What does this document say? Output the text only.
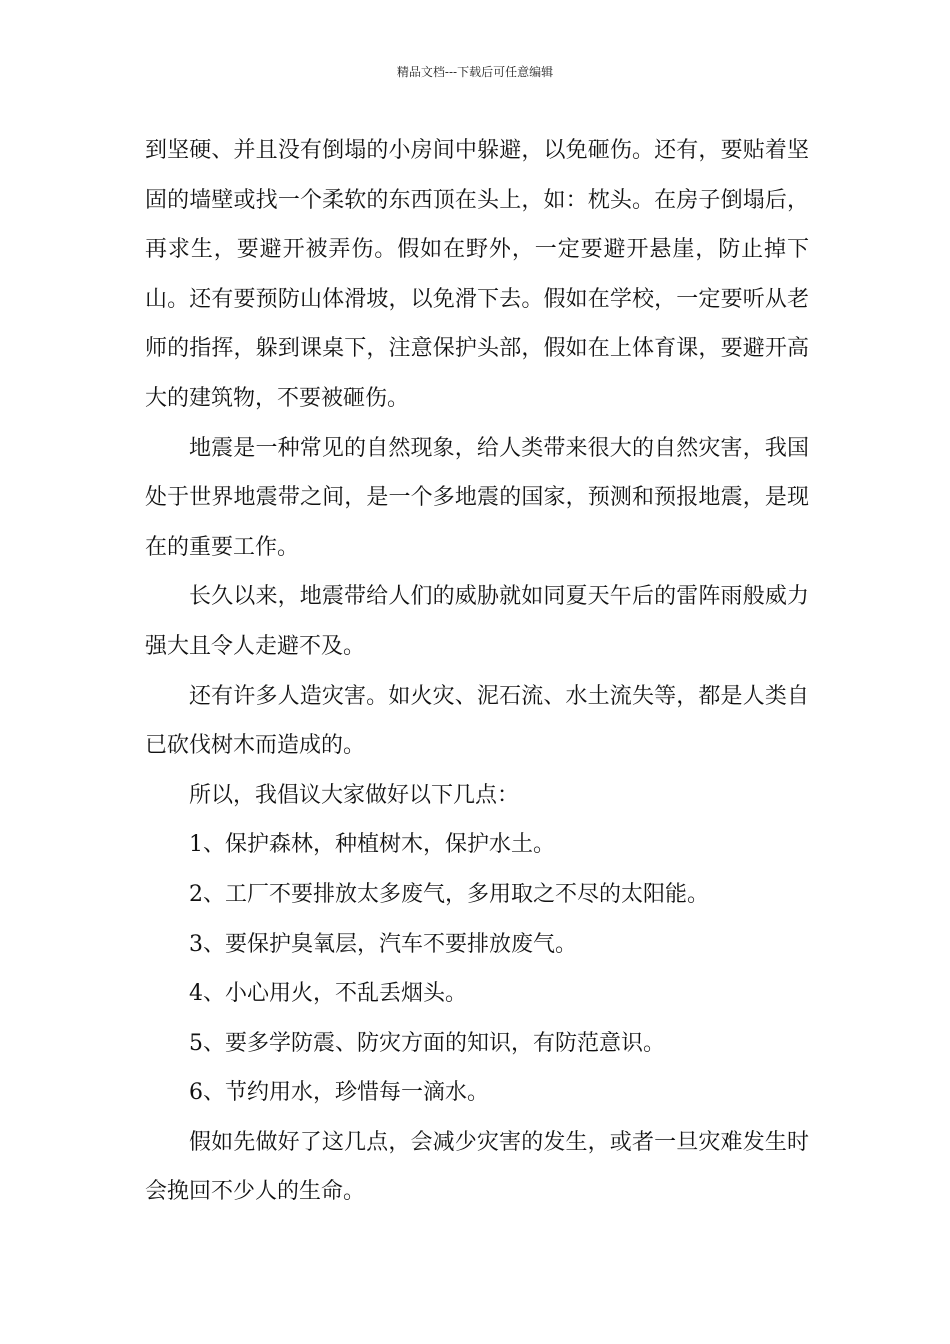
精品文档---下载后可任意编辑

到坚硬、并且没有倒塌的小房间中躲避，以免砸伤。还有，要贴着坚固的墙壁或找一个柔软的东西顶在头上，如：枕头。在房子倒塌后，再求生，要避开被弄伤。假如在野外，一定要避开悬崖，防止掉下山。还有要预防山体滑坡，以免滑下去。假如在学校，一定要听从老师的指挥，躲到课桌下，注意保护头部，假如在上体育课，要避开高大的建筑物，不要被砸伤。

地震是一种常见的自然现象，给人类带来很大的自然灾害，我国处于世界地震带之间，是一个多地震的国家，预测和预报地震，是现在的重要工作。

长久以来，地震带给人们的威胁就如同夏天午后的雷阵雨般威力强大且令人走避不及。

还有许多人造灾害。如火灾、泥石流、水土流失等，都是人类自已砍伐树木而造成的。

所以，我倡议大家做好以下几点：

1、保护森林，种植树木，保护水土。

2、工厂不要排放太多废气，多用取之不尽的太阳能。

3、要保护臭氧层，汽车不要排放废气。

4、小心用火，不乱丢烟头。

5、要多学防震、防灾方面的知识，有防范意识。

6、节约用水，珍惜每一滴水。

假如先做好了这几点，会减少灾害的发生，或者一旦灾难发生时会挽回不少人的生命。
